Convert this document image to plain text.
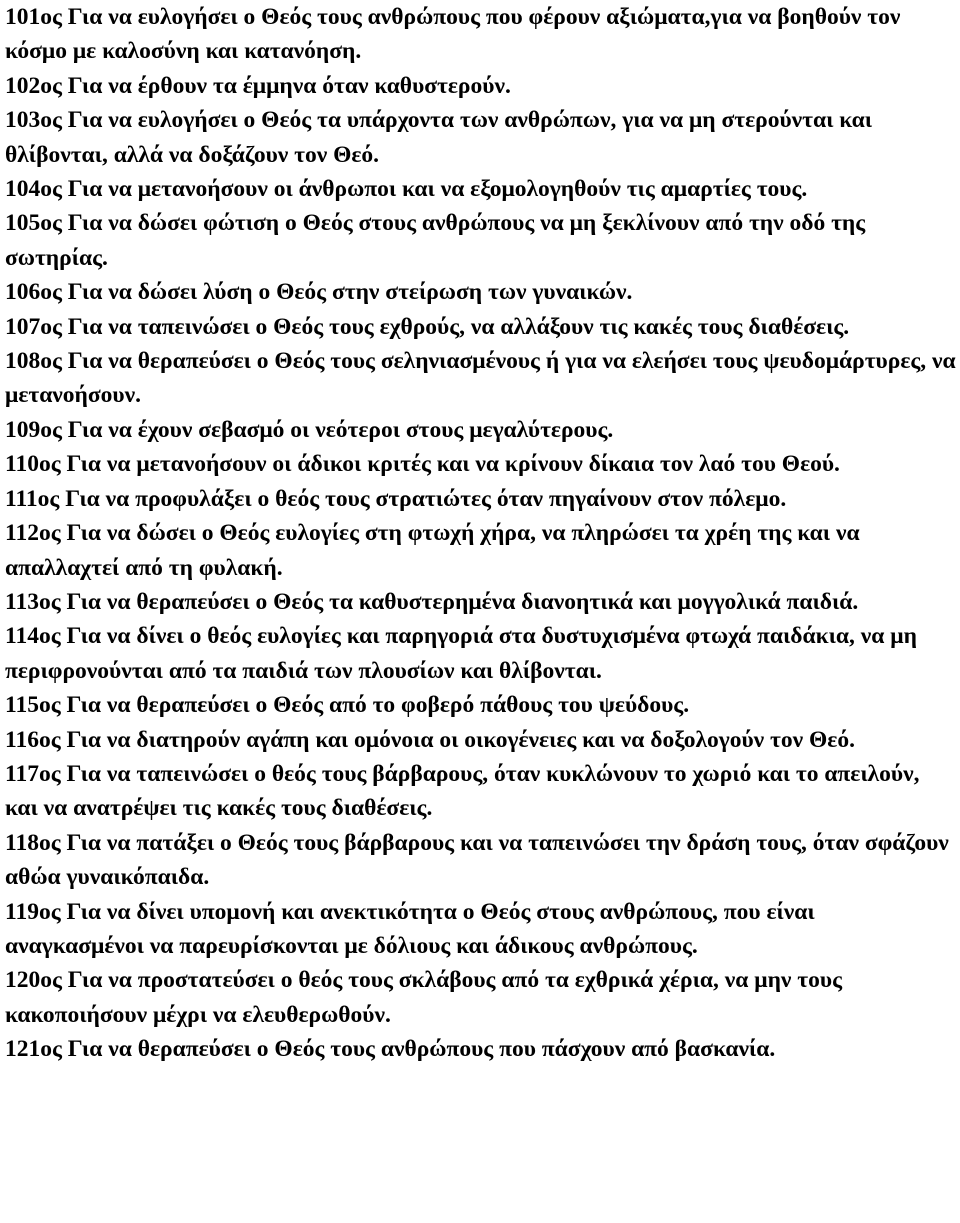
101ος Για να ευλογήσει ο Θεός τους ανθρώπους που φέρουν αξιώματα,για να βοηθούν τον κόσμο με καλοσύνη και κατανόηση.

102ος Για να έρθουν τα έμμηνα όταν καθυστερούν.

103ος Για να ευλογήσει ο Θεός τα υπάρχοντα των ανθρώπων, για να μη στερούνται και θλίβονται, αλλά να δοξάζουν τον Θεό.

104ος Για να μετανοήσουν οι άνθρωποι και να εξομολογηθούν τις αμαρτίες τους.

105ος Για να δώσει φώτιση ο Θεός στους ανθρώπους να μη ξεκλίνουν από την οδό της σωτηρίας.

106ος Για να δώσει λύση ο Θεός στην στείρωση των γυναικών.

107ος Για να ταπεινώσει ο Θεός τους εχθρούς, να αλλάξουν τις κακές τους διαθέσεις.

108ος Για να θεραπεύσει ο Θεός τους σεληνιασμένους ή για να ελεήσει τους ψευδομάρτυρες, να μετανοήσουν.

109ος Για να έχουν σεβασμό οι νεότεροι στους μεγαλύτερους.

110ος Για να μετανοήσουν οι άδικοι κριτές και να κρίνουν δίκαια τον λαό του Θεού.

111ος Για να προφυλάξει ο θεός τους στρατιώτες όταν πηγαίνουν στον πόλεμο.

112ος Για να δώσει ο Θεός ευλογίες στη φτωχή χήρα, να πληρώσει τα χρέη της και να απαλλαχτεί από τη φυλακή.

113ος Για να θεραπεύσει ο Θεός τα καθυστερημένα διανοητικά και μογγολικά παιδιά.

114ος Για να δίνει ο θεός ευλογίες και παρηγοριά στα δυστυχισμένα φτωχά παιδάκια, να μη περιφρονούνται από τα παιδιά των πλουσίων και θλίβονται.

115ος Για να θεραπεύσει ο Θεός από το φοβερό πάθους του ψεύδους.

116ος Για να διατηρούν αγάπη και ομόνοια οι οικογένειες και να δοξολογούν τον Θεό.

117ος Για να ταπεινώσει ο θεός τους βάρβαρους, όταν κυκλώνουν το χωριό και το απειλούν, και να ανατρέψει τις κακές τους διαθέσεις.

118ος Για να πατάξει ο Θεός τους βάρβαρους και να ταπεινώσει την δράση τους, όταν σφάζουν αθώα γυναικόπαιδα.

119ος Για να δίνει υπομονή και ανεκτικότητα ο Θεός στους ανθρώπους, που είναι αναγκασμένοι να παρευρίσκονται με δόλιους και άδικους ανθρώπους.

120ος Για να προστατεύσει ο θεός τους σκλάβους από τα εχθρικά χέρια, να μην τους κακοποιήσουν μέχρι να ελευθερωθούν.

121ος Για να θεραπεύσει ο Θεός τους ανθρώπους που πάσχουν από βασκανία.
